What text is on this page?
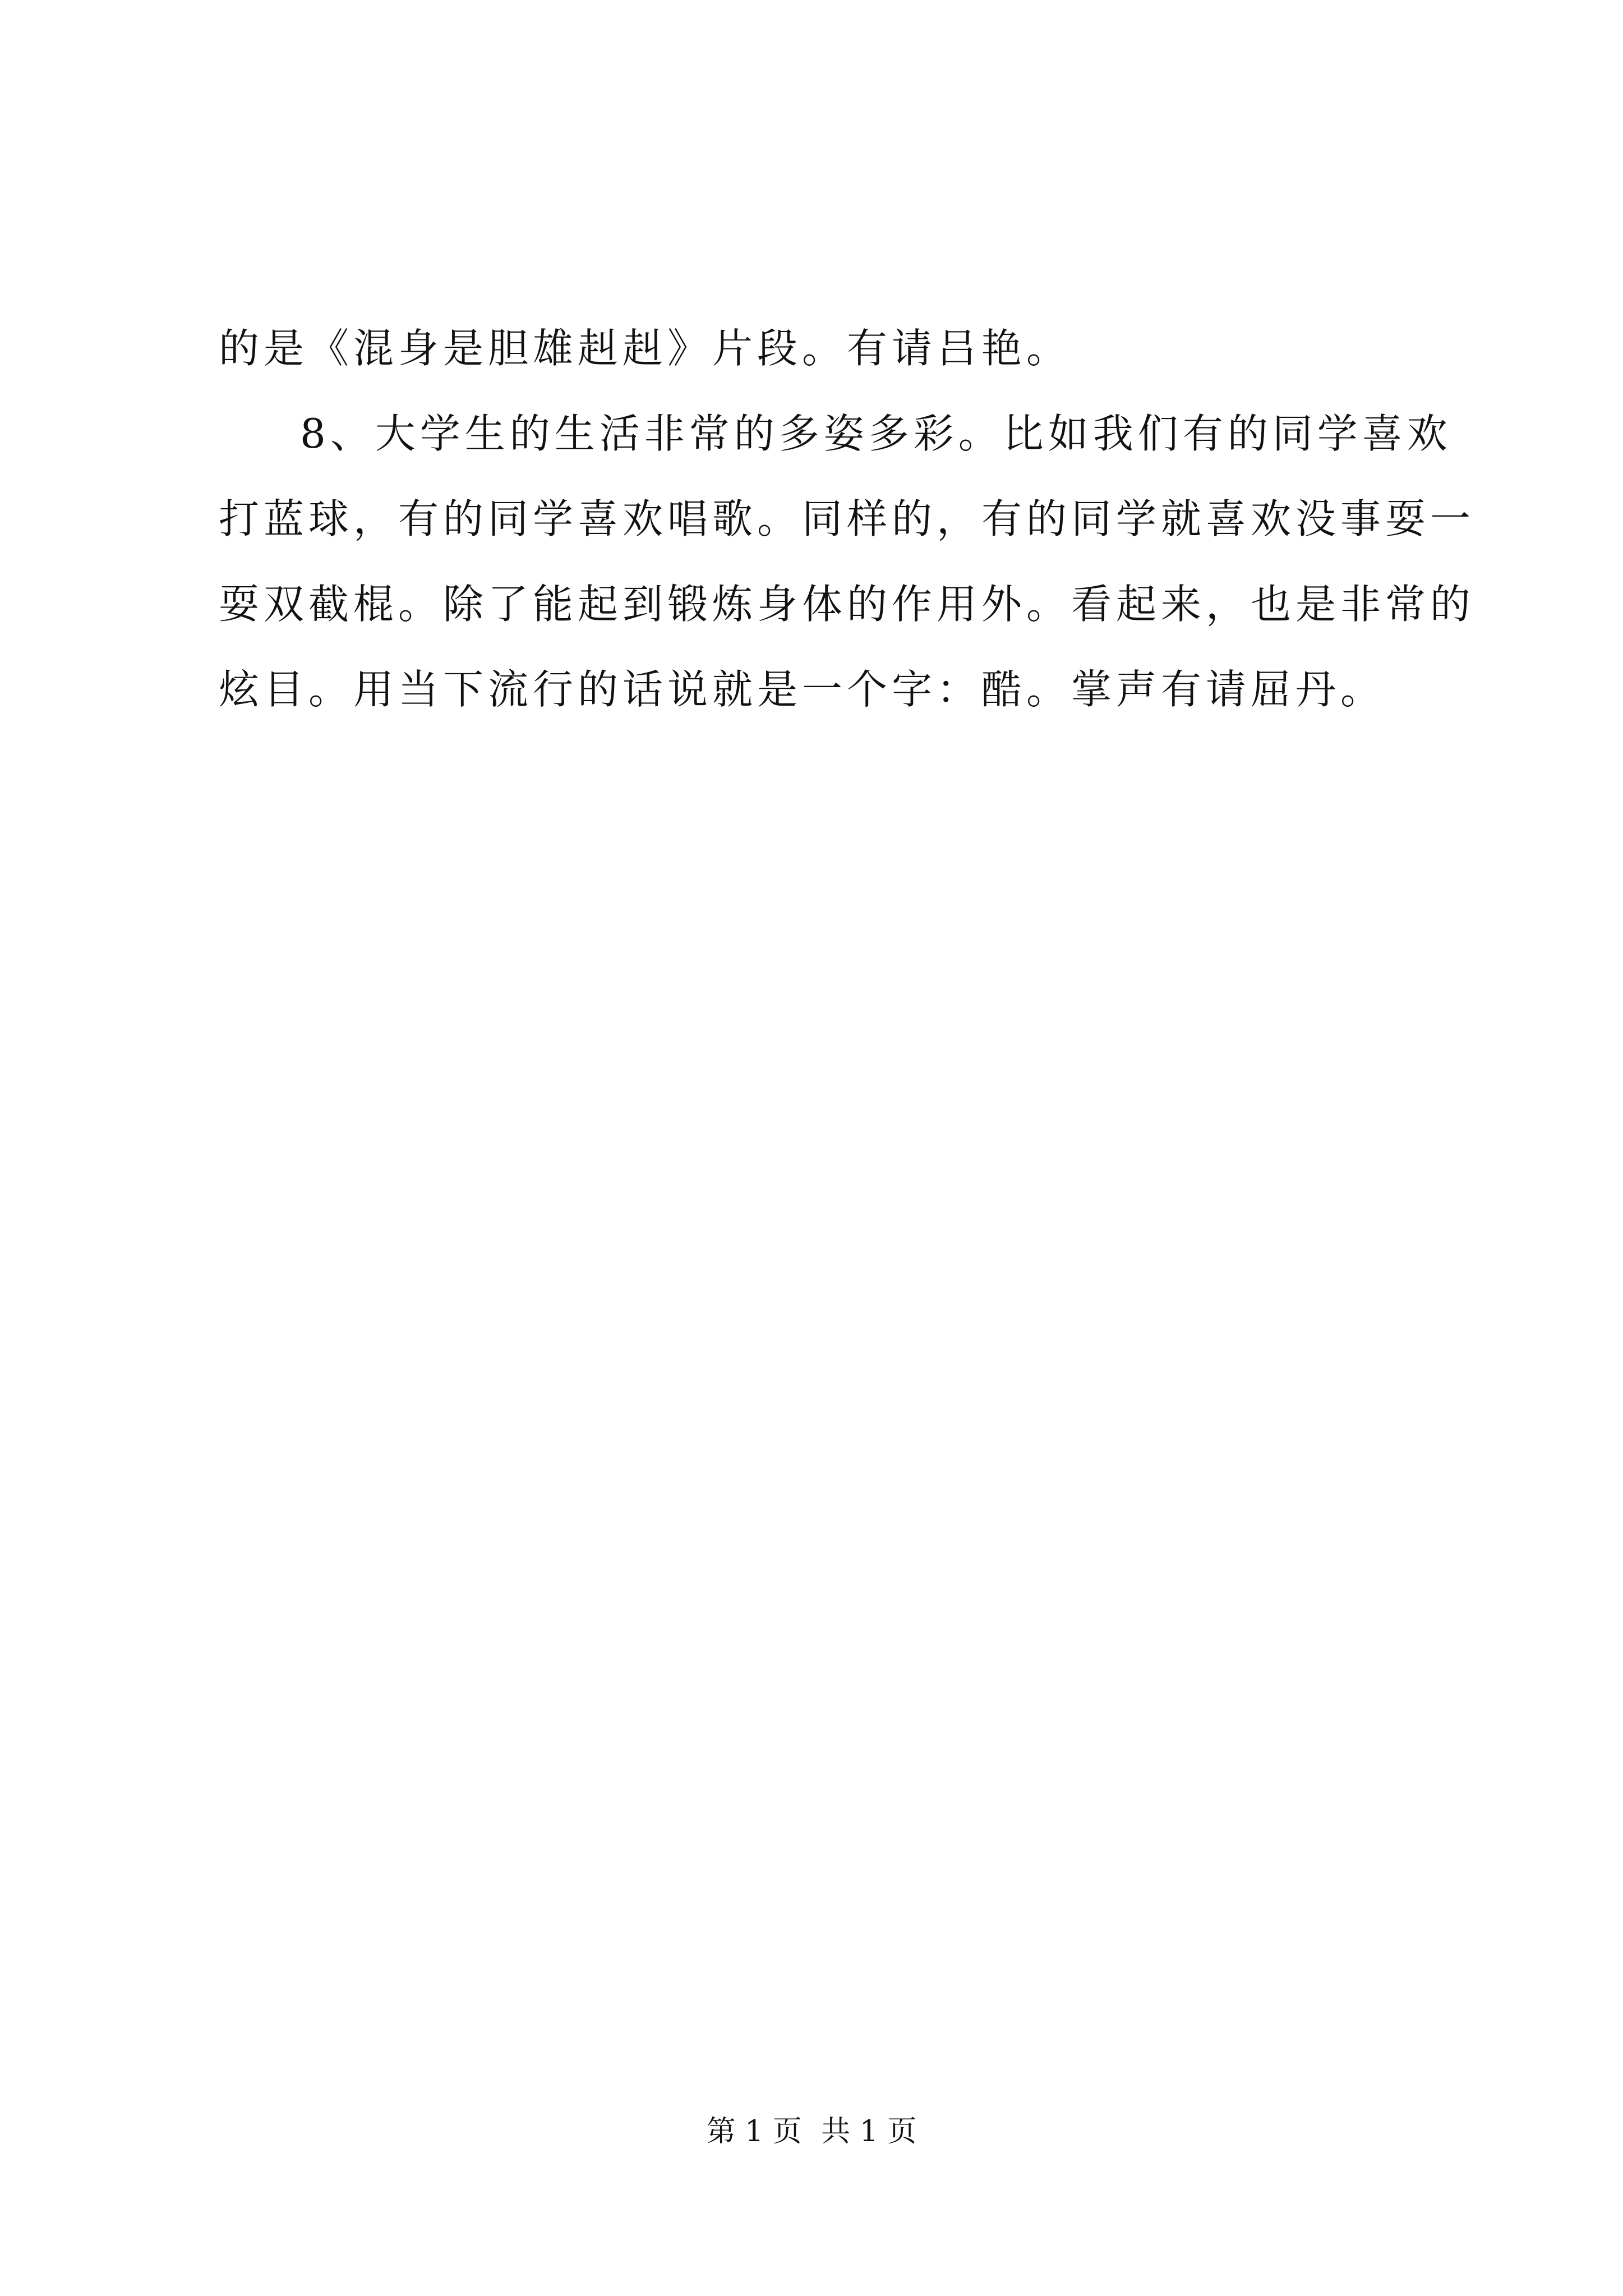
的是《混身是胆雄赳赳》片段。有请吕艳。
8、大学生的生活非常的多姿多彩。比如我们有的同学喜欢
打蓝球，有的同学喜欢唱歌。同样的，有的同学就喜欢没事耍一
耍双截棍。除了能起到锻炼身体的作用外。看起来，也是非常的
炫目。用当下流行的话说就是一个字：酷。掌声有请屈丹。
第 1 页 共 1 页
